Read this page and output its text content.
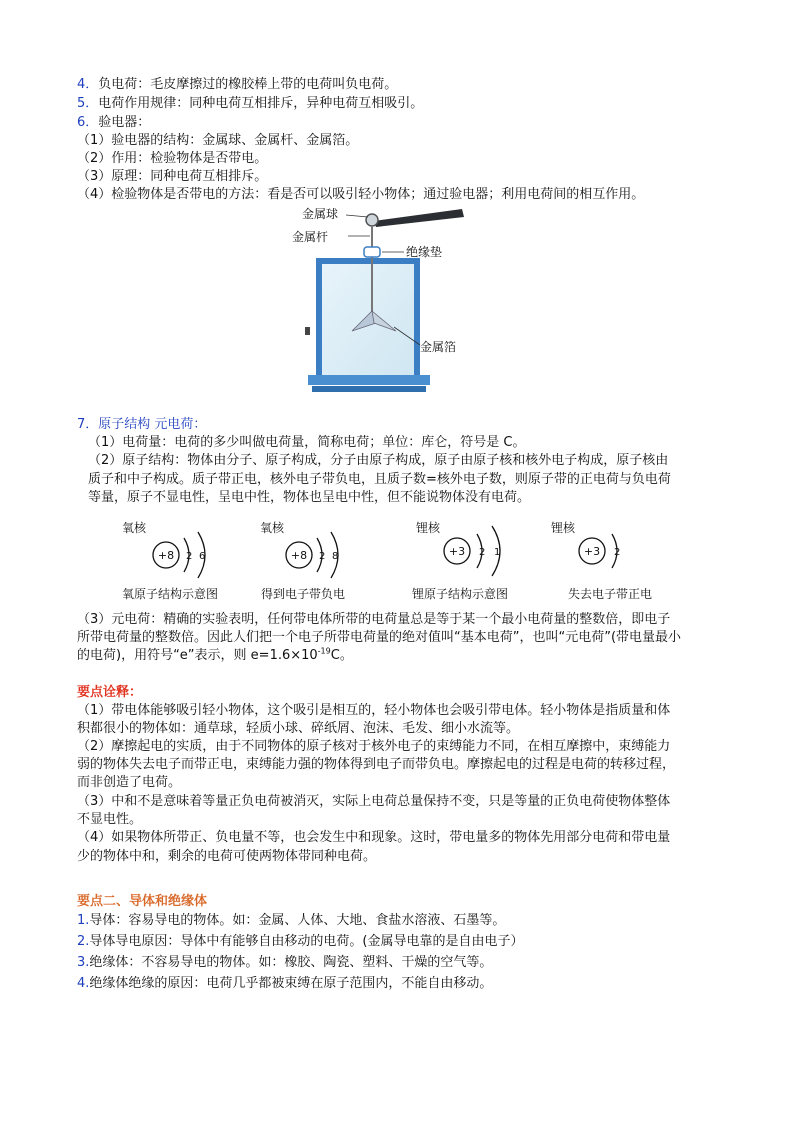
4．负电荷：毛皮摩擦过的橡胶棒上带的电荷叫负电荷。
5．电荷作用规律：同种电荷互相排斥，异种电荷互相吸引。
6．验电器：
（1）验电器的结构：金属球、金属杆、金属箔。
（2）作用：检验物体是否带电。
（3）原理：同种电荷互相排斥。
（4）检验物体是否带电的方法：看是否可以吸引轻小物体；通过验电器；利用电荷间的相互作用。
金属球
金属杆
绝缘垫
金属箔
7．原子结构 元电荷：
（1）电荷量：电荷的多少叫做电荷量，简称电荷；单位：库仑，符号是 C。
（2）原子结构：物体由分子、原子构成，分子由原子构成，原子由原子核和核外电子构成，原子核由
质子和中子构成。质子带正电，核外电子带负电，且质子数=核外电子数，则原子带的正电荷与负电荷
等量，原子不显电性，呈电中性，物体也呈电中性，但不能说物体没有电荷。
氧核
+8 2 6
氧原子结构示意图
氧核
+8 2 8
得到电子带负电
锂核
+3 2 1
锂原子结构示意图
锂核
+3 2
失去电子带正电
（3）元电荷：精确的实验表明，任何带电体所带的电荷量总是等于某一个最小电荷量的整数倍，即电子
所带电荷量的整数倍。因此人们把一个电子所带电荷量的绝对值叫“基本电荷”，也叫“元电荷”(带电量最小
的电荷)，用符号“e”表示，则 $e=1.6\times 10^{-19}C$。
要点诠释：
（1）带电体能够吸引轻小物体，这个吸引是相互的，轻小物体也会吸引带电体。轻小物体是指质量和体
积都很小的物体如：通草球，轻质小球、碎纸屑、泡沫、毛发、细小水流等。
（2）摩擦起电的实质，由于不同物体的原子核对于核外电子的束缚能力不同，在相互摩擦中，束缚能力
弱的物体失去电子而带正电，束缚能力强的物体得到电子而带负电。摩擦起电的过程是电荷的转移过程，
而非创造了电荷。
（3）中和不是意味着等量正负电荷被消灭，实际上电荷总量保持不变，只是等量的正负电荷使物体整体
不显电性。
（4）如果物体所带正、负电量不等，也会发生中和现象。这时，带电量多的物体先用部分电荷和带电量
少的物体中和，剩余的电荷可使两物体带同种电荷。
要点二、导体和绝缘体
1.导体：容易导电的物体。如：金属、人体、大地、食盐水溶液、石墨等。
2.导体导电原因：导体中有能够自由移动的电荷。(金属导电靠的是自由电子）
3.绝缘体：不容易导电的物体。如：橡胶、陶瓷、塑料、干燥的空气等。
4.绝缘体绝缘的原因：电荷几乎都被束缚在原子范围内，不能自由移动。
